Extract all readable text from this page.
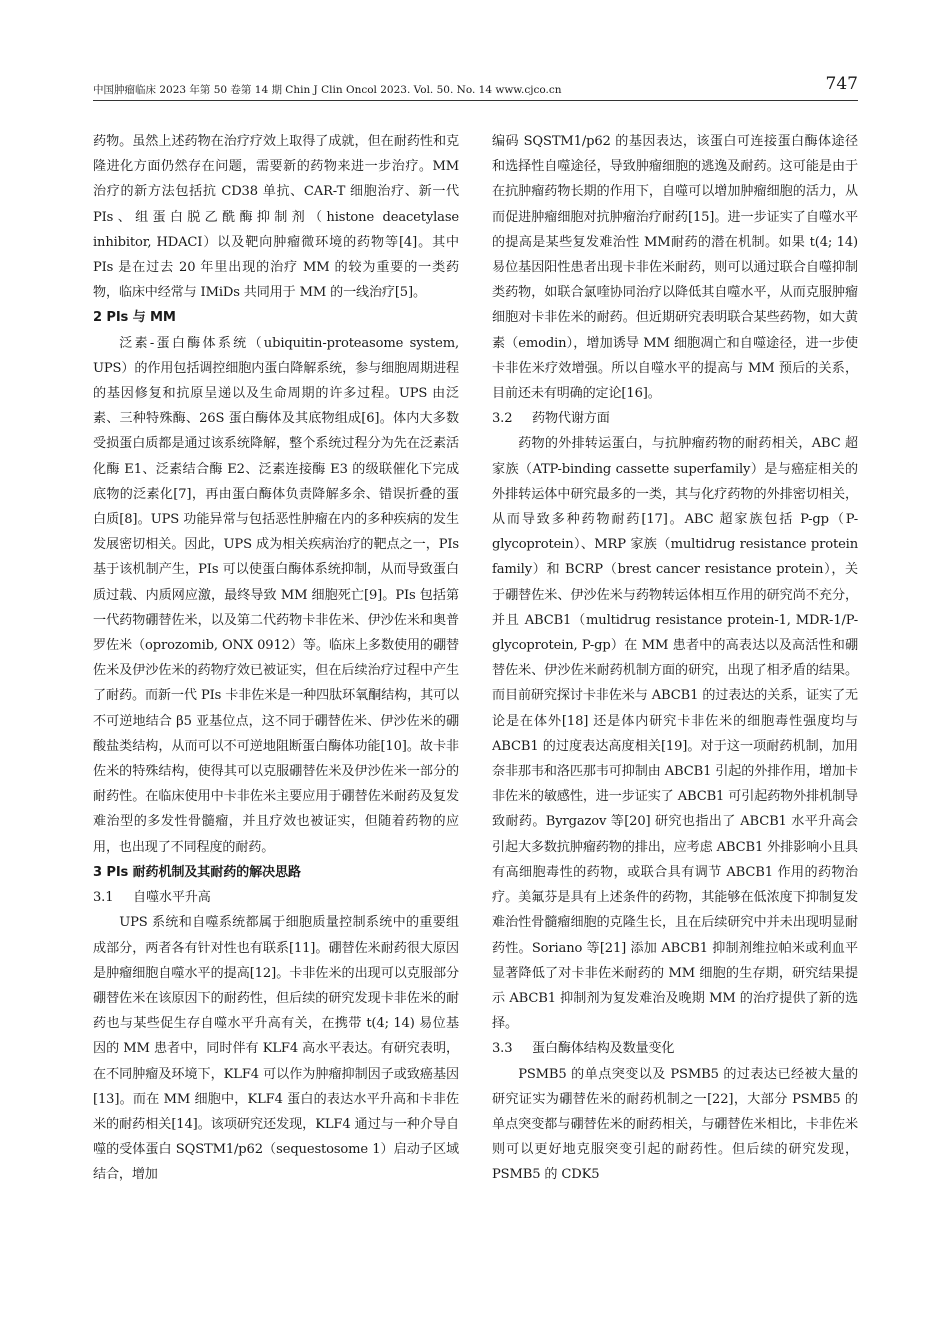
中国肿瘤临床 2023 年第 50 卷第 14 期 Chin J Clin Oncol 2023. Vol. 50. No. 14 www.cjco.cn	747

药物。虽然上述药物在治疗疗效上取得了成就，但在耐药性和克隆进化方面仍然存在问题，需要新的药物来进一步治疗。MM 治疗的新方法包括抗 CD38 单抗、CAR-T 细胞治疗、新一代 PIs、组蛋白脱乙酰酶抑制剂（histone deacetylase inhibitor, HDACI）以及靶向肿瘤微环境的药物等[4]。其中 PIs 是在过去 20 年里出现的治疗 MM 的较为重要的一类药物，临床中经常与 IMiDs 共同用于 MM 的一线治疗[5]。

2 PIs 与 MM

泛素-蛋白酶体系统（ubiquitin-proteasome system, UPS）的作用包括调控细胞内蛋白降解系统，参与细胞周期进程的基因修复和抗原呈递以及生命周期的许多过程。UPS 由泛素、三种特殊酶、26S 蛋白酶体及其底物组成[6]。体内大多数受损蛋白质都是通过该系统降解，整个系统过程分为先在泛素活化酶 E1、泛素结合酶 E2、泛素连接酶 E3 的级联催化下完成底物的泛素化[7]，再由蛋白酶体负责降解多余、错误折叠的蛋白质[8]。UPS 功能异常与包括恶性肿瘤在内的多种疾病的发生发展密切相关。因此，UPS 成为相关疾病治疗的靶点之一，PIs 基于该机制产生，PIs 可以使蛋白酶体系统抑制，从而导致蛋白质过载、内质网应激，最终导致 MM 细胞死亡[9]。PIs 包括第一代药物硼替佐米，以及第二代药物卡非佐米、伊沙佐米和奥普罗佐米（oprozomib, ONX 0912）等。临床上多数使用的硼替佐米及伊沙佐米的药物疗效已被证实，但在后续治疗过程中产生了耐药。而新一代 PIs 卡非佐米是一种四肽环氧酮结构，其可以不可逆地结合 β5 亚基位点，这不同于硼替佐米、伊沙佐米的硼酸盐类结构，从而可以不可逆地阻断蛋白酶体功能[10]。故卡非佐米的特殊结构，使得其可以克服硼替佐米及伊沙佐米一部分的耐药性。在临床使用中卡非佐米主要应用于硼替佐米耐药及复发难治型的多发性骨髓瘤，并且疗效也被证实，但随着药物的应用，也出现了不同程度的耐药。

3 PIs 耐药机制及其耐药的解决思路
3.1 自噬水平升高

UPS 系统和自噬系统都属于细胞质量控制系统中的重要组成部分，两者各有针对性也有联系[11]。硼替佐米耐药很大原因是肿瘤细胞自噬水平的提高[12]。卡非佐米的出现可以克服部分硼替佐米在该原因下的耐药性，但后续的研究发现卡非佐米的耐药也与某些促生存自噬水平升高有关，在携带 t(4; 14) 易位基因的 MM 患者中，同时伴有 KLF4 高水平表达。有研究表明，在不同肿瘤及环境下，KLF4 可以作为肿瘤抑制因子或致癌基因[13]。而在 MM 细胞中，KLF4 蛋白的表达水平升高和卡非佐米的耐药相关[14]。该项研究还发现，KLF4 通过与一种介导自噬的受体蛋白 SQSTM1/p62（sequestosome 1）启动子区域结合，增加

编码 SQSTM1/p62 的基因表达，该蛋白可连接蛋白酶体途径和选择性自噬途径，导致肿瘤细胞的逃逸及耐药。这可能是由于在抗肿瘤药物长期的作用下，自噬可以增加肿瘤细胞的活力，从而促进肿瘤细胞对抗肿瘤治疗耐药[15]。进一步证实了自噬水平的提高是某些复发难治性 MM耐药的潜在机制。如果 t(4; 14) 易位基因阳性患者出现卡非佐米耐药，则可以通过联合自噬抑制类药物，如联合氯喹协同治疗以降低其自噬水平，从而克服肿瘤细胞对卡非佐米的耐药。但近期研究表明联合某些药物，如大黄素（emodin），增加诱导 MM 细胞凋亡和自噬途径，进一步使卡非佐米疗效增强。所以自噬水平的提高与 MM 预后的关系，目前还未有明确的定论[16]。

3.2 药物代谢方面

药物的外排转运蛋白，与抗肿瘤药物的耐药相关，ABC 超家族（ATP-binding cassette superfamily）是与癌症相关的外排转运体中研究最多的一类，其与化疗药物的外排密切相关，从而导致多种药物耐药[17]。ABC 超家族包括 P-gp（P-glycoprotein）、MRP 家族（multidrug resistance protein family）和 BCRP（brest cancer resistance protein），关于硼替佐米、伊沙佐米与药物转运体相互作用的研究尚不充分，并且 ABCB1（multidrug resistance protein-1, MDR-1/P-glycoprotein, P-gp）在 MM 患者中的高表达以及高活性和硼替佐米、伊沙佐米耐药机制方面的研究，出现了相矛盾的结果。而目前研究探讨卡非佐米与 ABCB1 的过表达的关系，证实了无论是在体外[18] 还是体内研究卡非佐米的细胞毒性强度均与 ABCB1 的过度表达高度相关[19]。对于这一项耐药机制，加用奈非那韦和洛匹那韦可抑制由 ABCB1 引起的外排作用，增加卡非佐米的敏感性，进一步证实了 ABCB1 可引起药物外排机制导致耐药。Byrgazov 等[20] 研究也指出了 ABCB1 水平升高会引起大多数抗肿瘤药物的排出，应考虑 ABCB1 外排影响小且具有高细胞毒性的药物，或联合具有调节 ABCB1 作用的药物治疗。美氟芬是具有上述条件的药物，其能够在低浓度下抑制复发难治性骨髓瘤细胞的克隆生长，且在后续研究中并未出现明显耐药性。Soriano 等[21] 添加 ABCB1 抑制剂维拉帕米或利血平显著降低了对卡非佐米耐药的 MM 细胞的生存期，研究结果提示 ABCB1 抑制剂为复发难治及晚期 MM 的治疗提供了新的选择。

3.3 蛋白酶体结构及数量变化

PSMB5 的单点突变以及 PSMB5 的过表达已经被大量的研究证实为硼替佐米的耐药机制之一[22]，大部分 PSMB5 的单点突变都与硼替佐米的耐药相关，与硼替佐米相比，卡非佐米则可以更好地克服突变引起的耐药性。但后续的研究发现，PSMB5 的 CDK5
